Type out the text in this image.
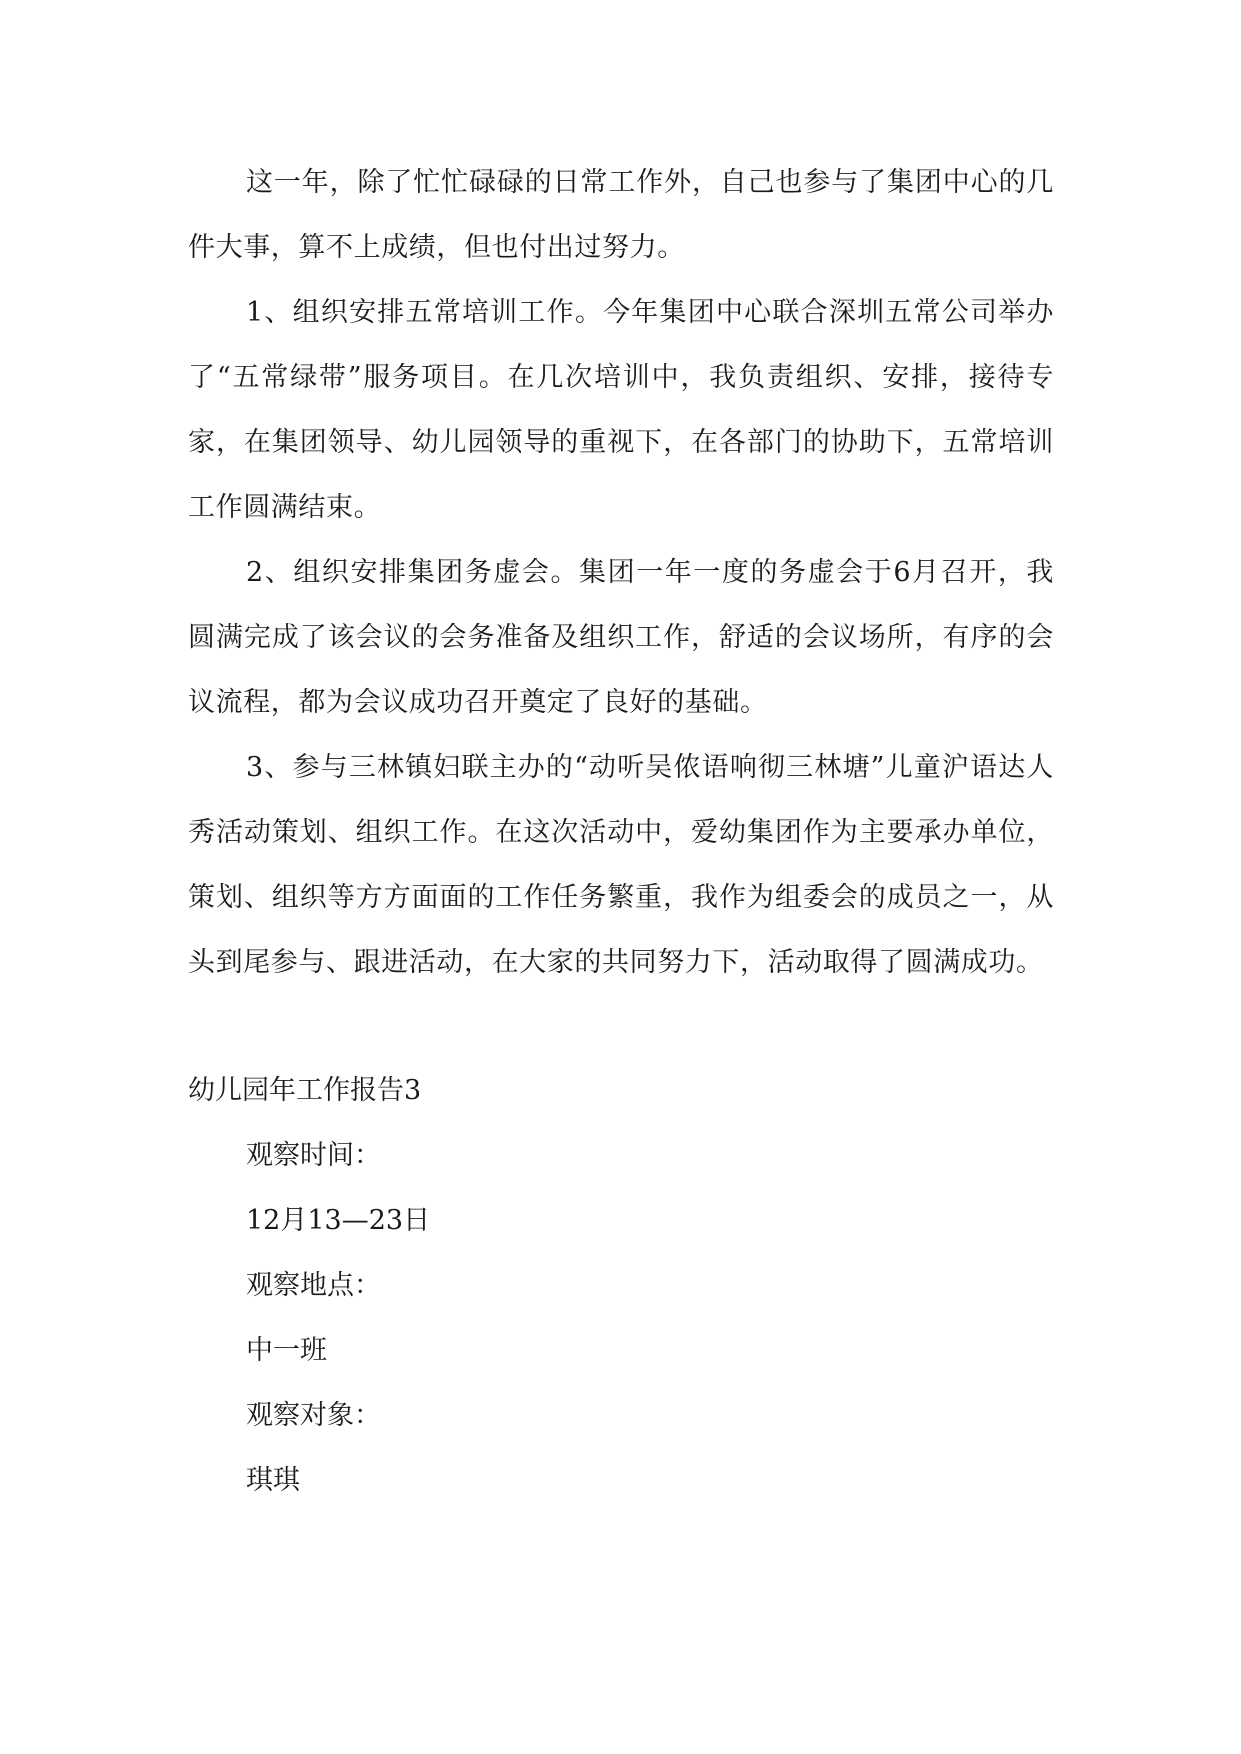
这一年，除了忙忙碌碌的日常工作外，自己也参与了集团中心的几件大事，算不上成绩，但也付出过努力。

1、组织安排五常培训工作。今年集团中心联合深圳五常公司举办了“五常绿带”服务项目。在几次培训中，我负责组织、安排，接待专家，在集团领导、幼儿园领导的重视下，在各部门的协助下，五常培训工作圆满结束。

2、组织安排集团务虚会。集团一年一度的务虚会于6月召开，我圆满完成了该会议的会务准备及组织工作，舒适的会议场所，有序的会议流程，都为会议成功召开奠定了良好的基础。

3、参与三林镇妇联主办的“动听吴侬语响彻三林塘”儿童沪语达人秀活动策划、组织工作。在这次活动中，爱幼集团作为主要承办单位，策划、组织等方方面面的工作任务繁重，我作为组委会的成员之一，从头到尾参与、跟进活动，在大家的共同努力下，活动取得了圆满成功。

幼儿园年工作报告3

观察时间：

12月13—23日

观察地点：

中一班

观察对象：

琪琪
